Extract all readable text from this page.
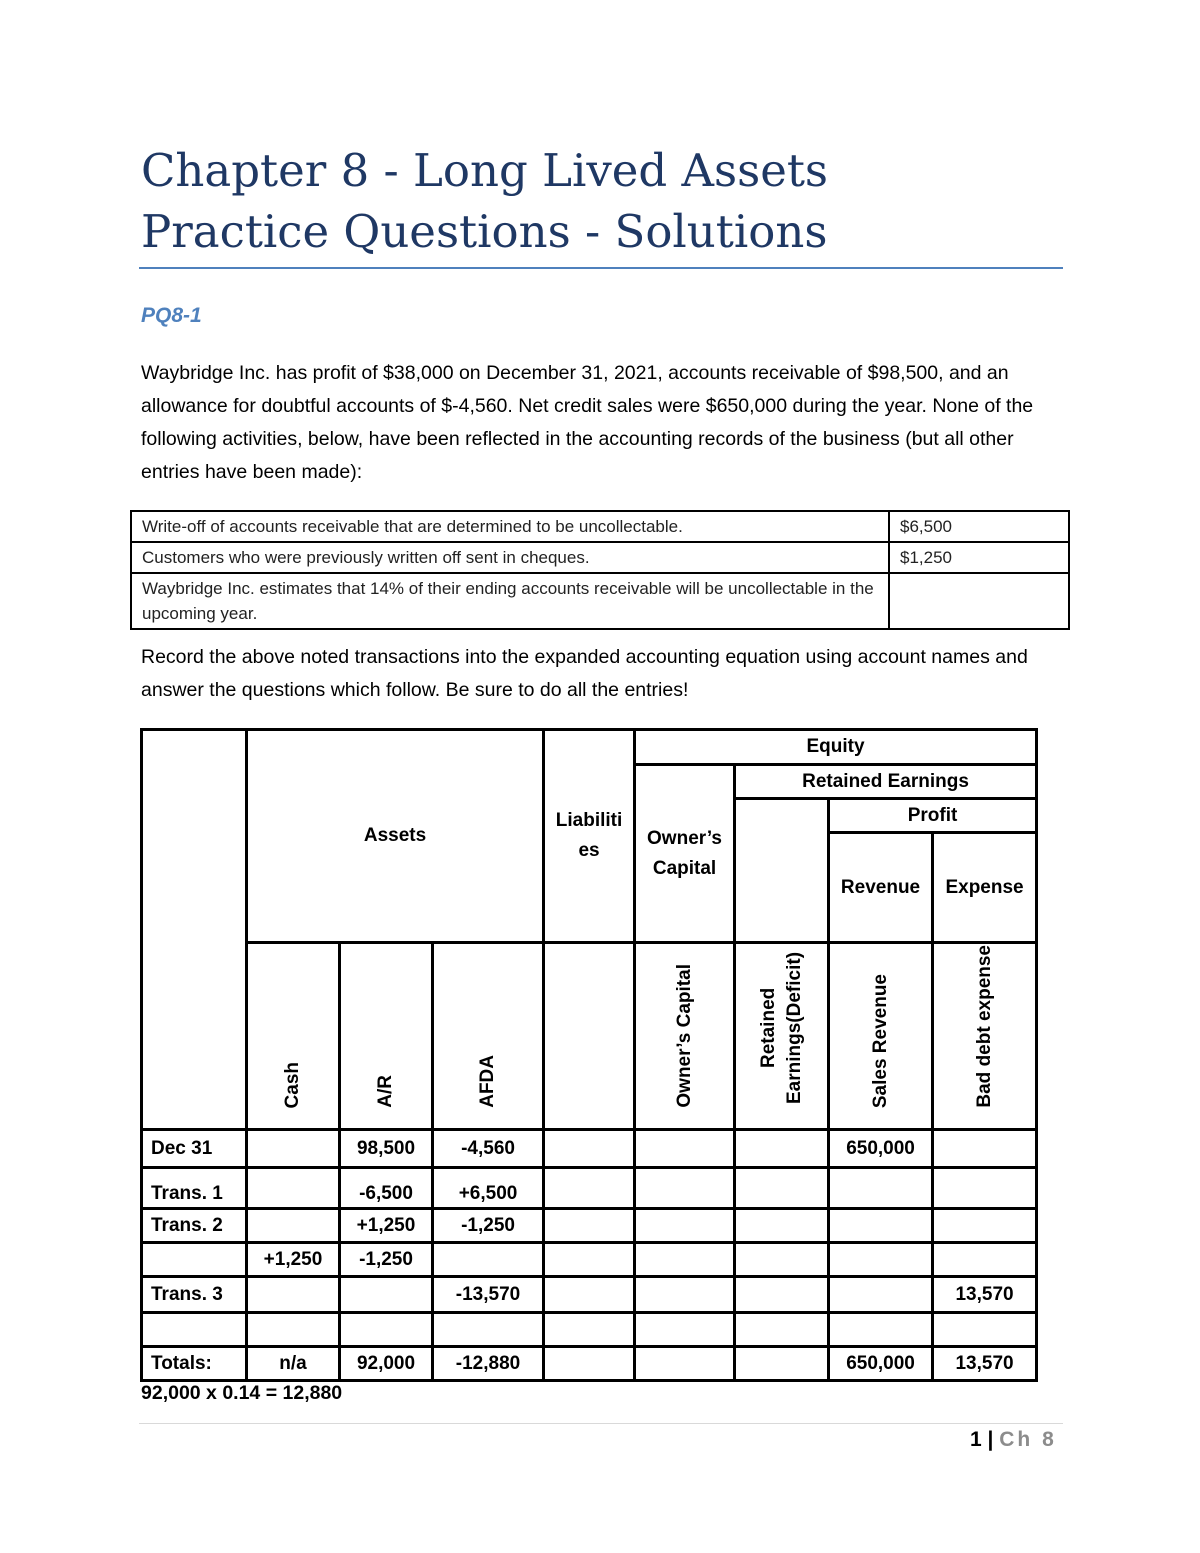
Chapter 8 - Long Lived Assets
Practice Questions - Solutions
PQ8-1
Waybridge Inc. has profit of $38,000 on December 31, 2021, accounts receivable of $98,500, and an allowance for doubtful accounts of $-4,560. Net credit sales were $650,000 during the year. None of the following activities, below, have been reflected in the accounting records of the business (but all other entries have been made):
Write-off of accounts receivable that are determined to be uncollectable.	$6,500
Customers who were previously written off sent in cheques.	$1,250
Waybridge Inc. estimates that 14% of their ending accounts receivable will be uncollectable in the upcoming year.	
Record the above noted transactions into the expanded accounting equation using account names and answer the questions which follow. Be sure to do all the entries!
	Assets			Liabiliti es	Equity			
					Owner’s Capital	Retained Earnings		
							Profit	
							Revenue	Expense
	Cash	A/R	AFDA		Owner’s Capital	Retained Earnings(Deficit)	Sales Revenue	Bad debt expense
Dec 31		98,500	-4,560				650,000	
Trans. 1		-6,500	+6,500					
Trans. 2		+1,250	-1,250					
	+1,250	-1,250						
Trans. 3			-13,570					13,570

Totals:	n/a	92,000	-12,880				650,000	13,570
92,000 x 0.14 = 12,880
1 | Ch 8
